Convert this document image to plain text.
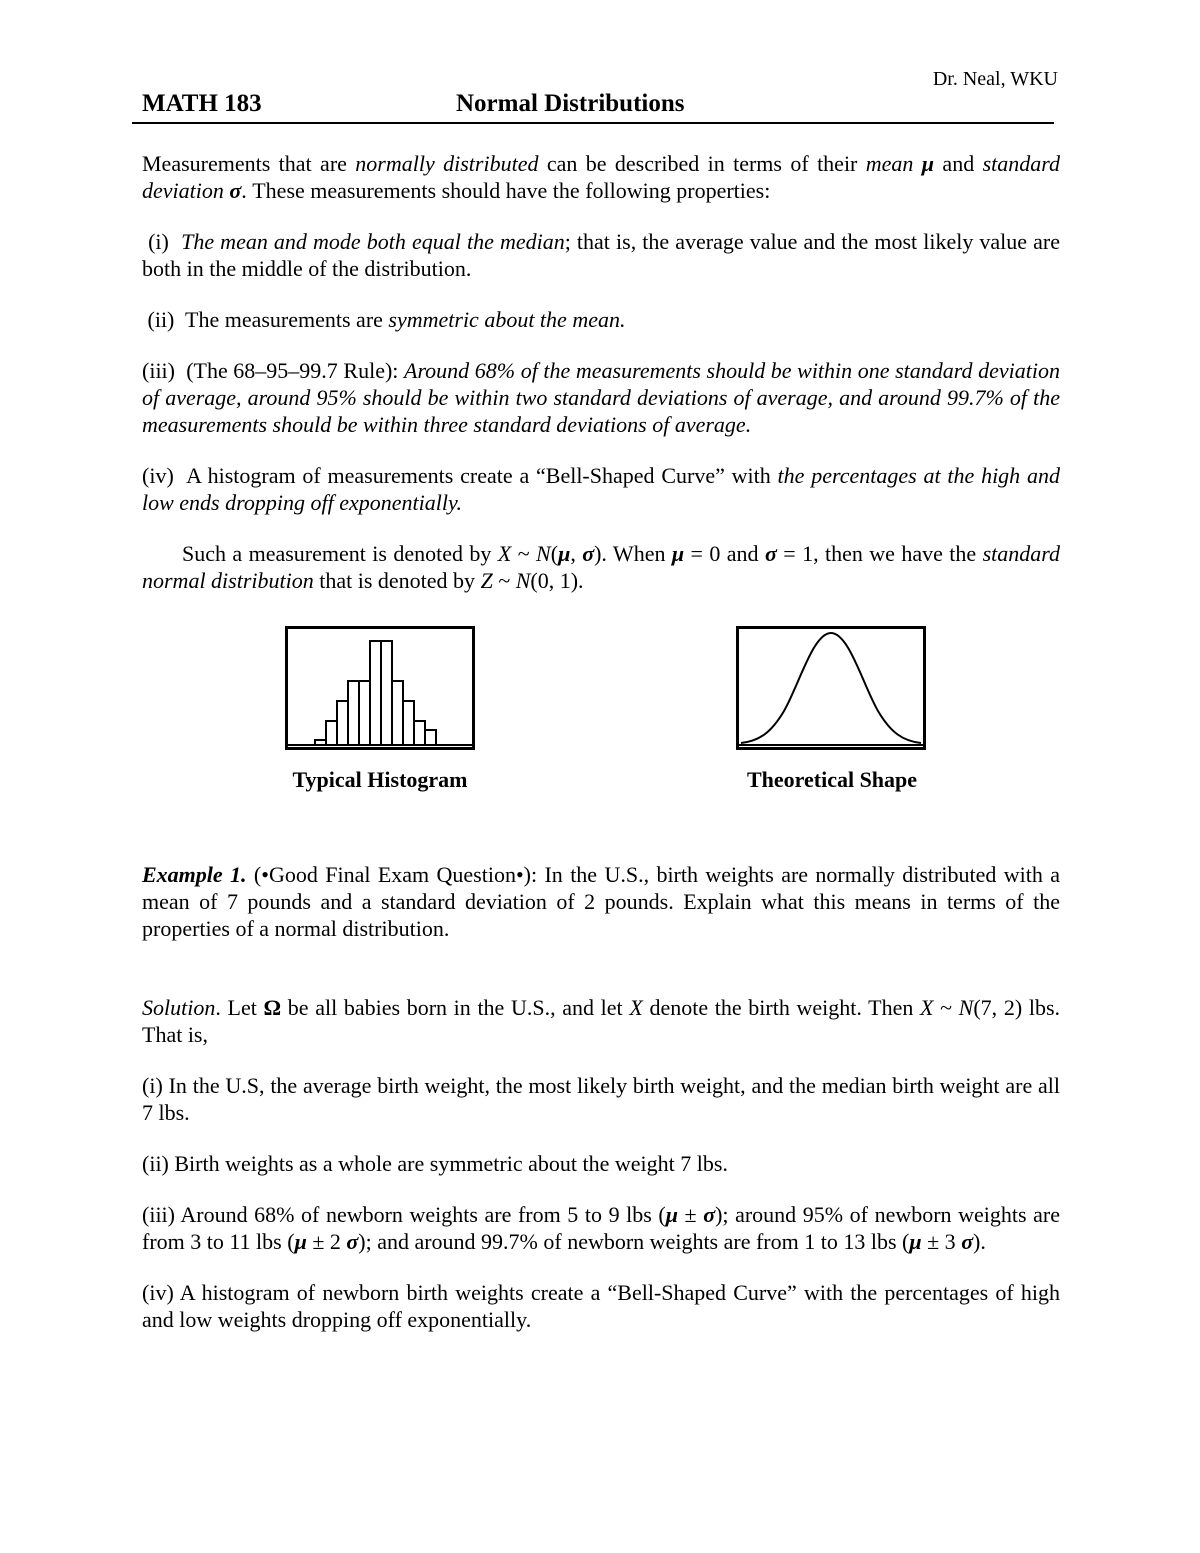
Dr. Neal, WKU
MATH 183	Normal Distributions

Measurements that are normally distributed can be described in terms of their mean μ and standard deviation σ. These measurements should have the following properties:

(i) The mean and mode both equal the median; that is, the average value and the most likely value are both in the middle of the distribution.

(ii) The measurements are symmetric about the mean.

(iii) (The 68–95–99.7 Rule): Around 68% of the measurements should be within one standard deviation of average, around 95% should be within two standard deviations of average, and around 99.7% of the measurements should be within three standard deviations of average.

(iv) A histogram of measurements create a “Bell-Shaped Curve” with the percentages at the high and low ends dropping off exponentially.

Such a measurement is denoted by X ~ N(μ, σ). When μ = 0 and σ = 1, then we have the standard normal distribution that is denoted by Z ~ N(0, 1).

Typical Histogram	Theoretical Shape

Example 1. (•Good Final Exam Question•): In the U.S., birth weights are normally distributed with a mean of 7 pounds and a standard deviation of 2 pounds. Explain what this means in terms of the properties of a normal distribution.

Solution. Let Ω be all babies born in the U.S., and let X denote the birth weight. Then X ~ N(7, 2) lbs. That is,

(i) In the U.S, the average birth weight, the most likely birth weight, and the median birth weight are all 7 lbs.

(ii) Birth weights as a whole are symmetric about the weight 7 lbs.

(iii) Around 68% of newborn weights are from 5 to 9 lbs (μ ± σ); around 95% of newborn weights are from 3 to 11 lbs (μ ± 2 σ); and around 99.7% of newborn weights are from 1 to 13 lbs (μ ± 3 σ).

(iv) A histogram of newborn birth weights create a “Bell-Shaped Curve” with the percentages of high and low weights dropping off exponentially.
